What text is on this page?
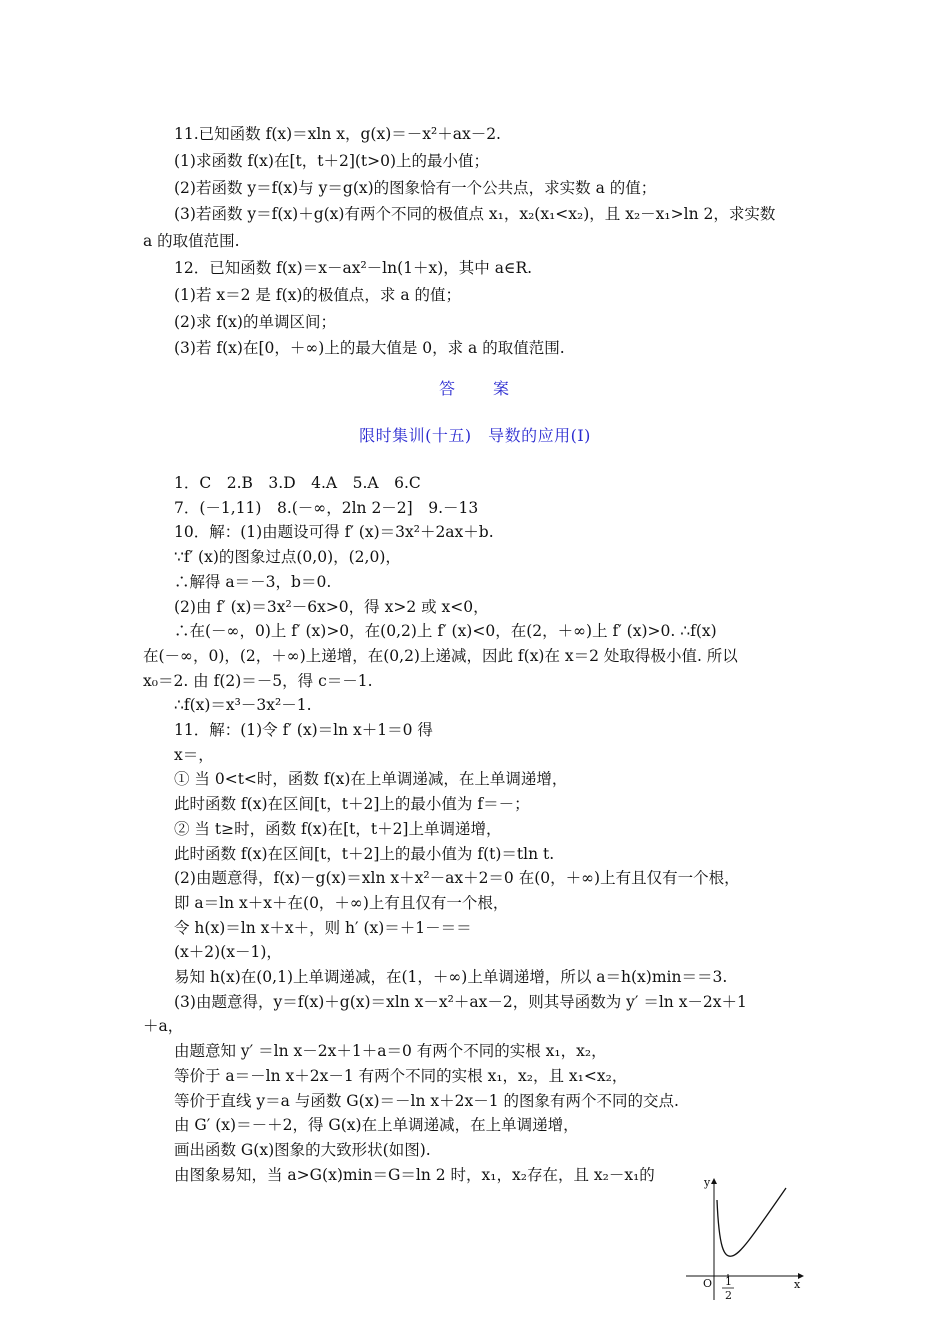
11.已知函数 f(x)＝xln x，g(x)＝－x²＋ax－2.
(1)求函数 f(x)在[t，t＋2](t>0)上的最小值；
(2)若函数 y＝f(x)与 y＝g(x)的图象恰有一个公共点，求实数 a 的值；
(3)若函数 y＝f(x)＋g(x)有两个不同的极值点 x₁，x₂(x₁<x₂)，且 x₂－x₁>ln 2，求实数
a 的取值范围.
12．已知函数 f(x)＝x－ax²－ln(1＋x)，其中 a∈R.
(1)若 x＝2 是 f(x)的极值点，求 a 的值；
(2)求 f(x)的单调区间；
(3)若 f(x)在[0，＋∞)上的最大值是 0，求 a 的取值范围.
答　　案
限时集训(十五)　导数的应用(Ⅰ)
1．C　2.B　3.D　4.A　5.A　6.C
7．(－1,11)　8.(－∞，2ln 2－2]　9.－13
10．解：(1)由题设可得 f′ (x)＝3x²＋2ax＋b.
∵f′ (x)的图象过点(0,0)，(2,0)，
∴解得 a＝－3，b＝0.
(2)由 f′ (x)＝3x²－6x>0，得 x>2 或 x<0，
∴在(－∞，0)上 f′ (x)>0，在(0,2)上 f′ (x)<0，在(2，＋∞)上 f′ (x)>0. ∴f(x)
在(－∞，0)，(2，＋∞)上递增，在(0,2)上递减，因此 f(x)在 x＝2 处取得极小值. 所以
x₀＝2. 由 f(2)＝－5，得 c＝－1.
∴f(x)＝x³－3x²－1.
11．解：(1)令 f′ (x)＝ln x＋1＝0 得
x＝，
① 当 0<t<时，函数 f(x)在上单调递减，在上单调递增，
此时函数 f(x)在区间[t，t＋2]上的最小值为 f＝－；
② 当 t≥时，函数 f(x)在[t，t＋2]上单调递增，
此时函数 f(x)在区间[t，t＋2]上的最小值为 f(t)＝tln t.
(2)由题意得，f(x)－g(x)＝xln x＋x²－ax＋2＝0 在(0，＋∞)上有且仅有一个根，
即 a＝ln x＋x＋在(0，＋∞)上有且仅有一个根，
令 h(x)＝ln x＋x＋，则 h′ (x)＝＋1－＝＝
(x＋2)(x－1)，
易知 h(x)在(0,1)上单调递减，在(1，＋∞)上单调递增，所以 a＝h(x)min＝＝3.
(3)由题意得，y＝f(x)＋g(x)＝xln x－x²＋ax－2，则其导函数为 y′ ＝ln x－2x＋1
＋a，
由题意知 y′ ＝ln x－2x＋1＋a＝0 有两个不同的实根 x₁，x₂，
等价于 a＝－ln x＋2x－1 有两个不同的实根 x₁，x₂，且 x₁<x₂，
等价于直线 y＝a 与函数 G(x)＝－ln x＋2x－1 的图象有两个不同的交点.
由 G′ (x)＝－＋2，得 G(x)在上单调递减，在上单调递增，
画出函数 G(x)图象的大致形状(如图).
由图象易知，当 a>G(x)min＝G＝ln 2 时，x₁，x₂存在，且 x₂－x₁的	y
x
O 1
2
